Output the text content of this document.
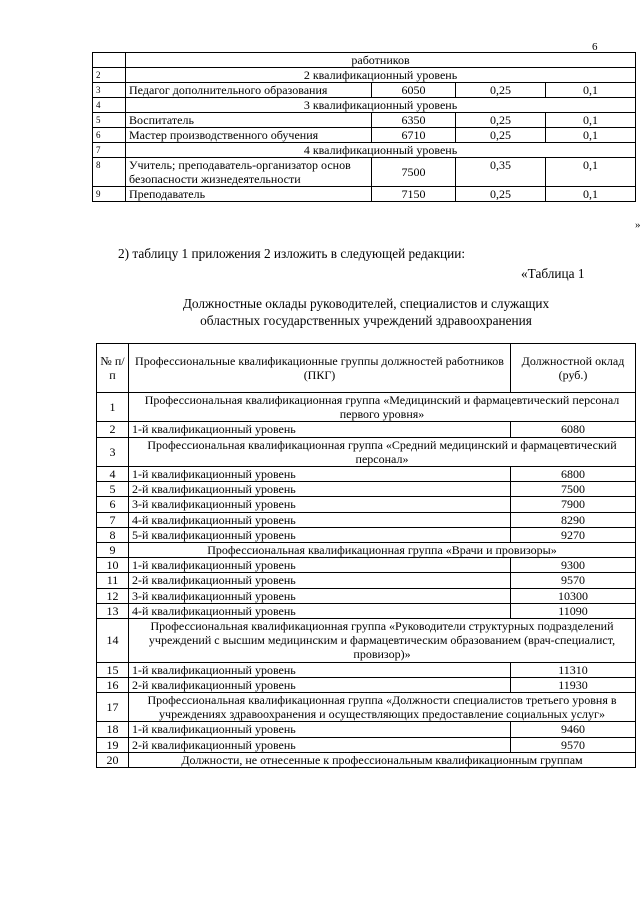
6
	работников			
2	2 квалификационный уровень			
3	Педагог дополнительного образования	6050	0,25	0,1
4	3 квалификационный уровень			
5	Воспитатель	6350	0,25	0,1
6	Мастер производственного обучения	6710	0,25	0,1
7	4 квалификационный уровень			
8	Учитель; преподаватель-организатор основ безопасности жизнедеятельности	7500	0,35	0,1
9	Преподаватель	7150	0,25	0,1
»
2) таблицу 1 приложения 2 изложить в следующей редакции:
«Таблица 1
Должностные оклады руководителей, специалистов и служащих
областных государственных учреждений здравоохранения
№ п/п	Профессиональные квалификационные группы должностей работников (ПКГ)	Должностной оклад (руб.)
1	Профессиональная квалификационная группа «Медицинский и фармацевтический персонал первого уровня»	
2	1-й квалификационный уровень	6080
3	Профессиональная квалификационная группа «Средний медицинский и фармацевтический персонал»	
4	1-й квалификационный уровень	6800
5	2-й квалификационный уровень	7500
6	3-й квалификационный уровень	7900
7	4-й квалификационный уровень	8290
8	5-й квалификационный уровень	9270
9	Профессиональная квалификационная группа «Врачи и провизоры»	
10	1-й квалификационный уровень	9300
11	2-й квалификационный уровень	9570
12	3-й квалификационный уровень	10300
13	4-й квалификационный уровень	11090
14	Профессиональная квалификационная группа «Руководители структурных подразделений учреждений с высшим медицинским и фармацевтическим образованием (врач-специалист, провизор)»	
15	1-й квалификационный уровень	11310
16	2-й квалификационный уровень	11930
17	Профессиональная квалификационная группа «Должности специалистов третьего уровня в учреждениях здравоохранения и осуществляющих предоставление социальных услуг»	
18	1-й квалификационный уровень	9460
19	2-й квалификационный уровень	9570
20	Должности, не отнесенные к профессиональным квалификационным группам	
